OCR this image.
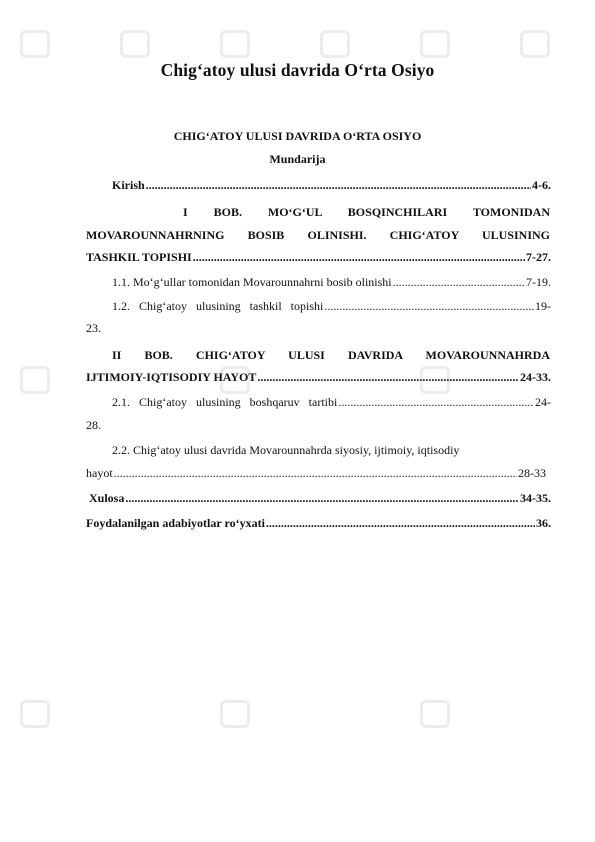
Chig‘atoy ulusi davrida O‘rta Osiyo
CHIG‘ATOY ULUSI DAVRIDA O‘RTA OSIYO
Mundarija
Kirish .....	4-6.
I BOB. MO‘G‘UL BOSQINCHILARI TOMONIDAN
MOVAROUNNAHRNING BOSIB OLINISHI. CHIG‘ATOY ULUSINING
TASHKIL TOPISHI .....	7-27.
1.1. Mo‘g‘ullar tomonidan Movarounnahrni bosib olinishi .....	7-19.
1.2. Chig‘atoy ulusining tashkil topishi .....	19-
23.
II BOB. CHIG‘ATOY ULUSI DAVRIDA MOVAROUNNAHRDA
IJTIMOIY-IQTISODIY HAYOT .....	24-33.
2.1. Chig‘atoy ulusining boshqaruv tartibi .....	24-
28.
2.2. Chig‘atoy ulusi davrida Movarounnahrda siyosiy, ijtimoiy, iqtisodiy
hayot .....	28-33
Xulosa .....	34-35.
Foydalanilgan adabiyotlar ro‘yxati .....	36.
